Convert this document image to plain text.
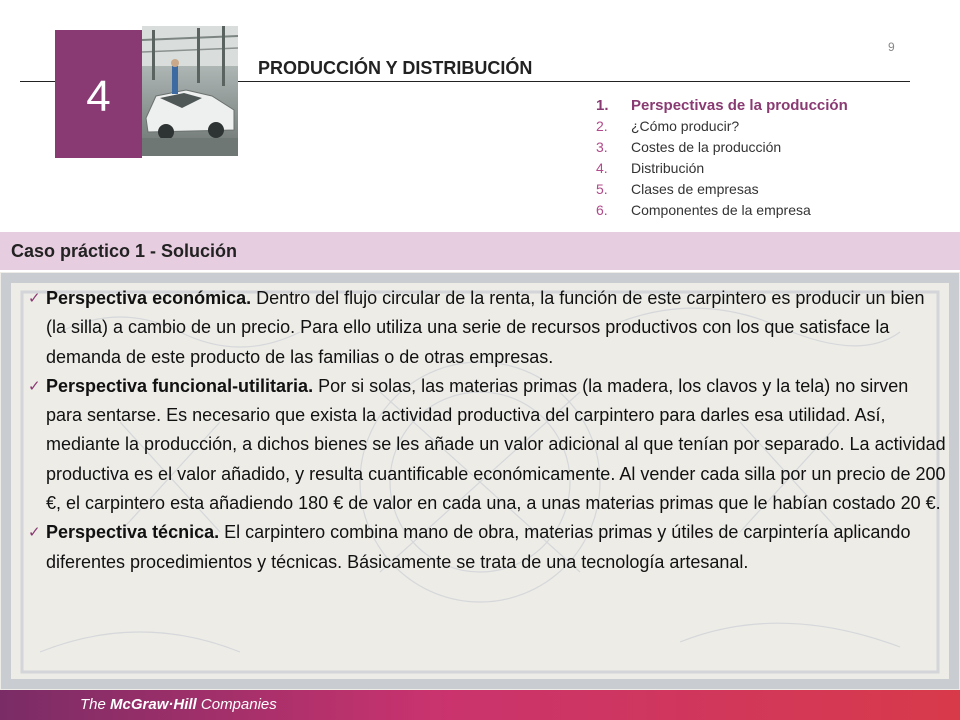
9
4
PRODUCCIÓN Y DISTRIBUCIÓN
1.	Perspectivas de la producción
2.	¿Cómo producir?
3.	Costes de la producción
4.	Distribución
5.	Clases de empresas
6.	Componentes de la empresa
Caso práctico 1 - Solución
✓ Perspectiva económica. Dentro del flujo circular de la renta, la función de este carpintero es producir un bien (la silla) a cambio de un precio. Para ello utiliza una serie de recursos productivos con los que satisface la demanda de este producto de las familias o de otras empresas.
✓ Perspectiva funcional-utilitaria. Por si solas, las materias primas (la madera, los clavos y la tela) no sirven para sentarse. Es necesario que exista la actividad productiva del carpintero para darles esa utilidad. Así, mediante la producción, a dichos bienes se les añade un valor adicional al que tenían por separado. La actividad productiva es el valor añadido, y resulta cuantificable económicamente. Al vender cada silla por un precio de 200 €, el carpintero esta añadiendo 180 € de valor en cada una, a unas materias primas que le habían costado 20 €.
✓ Perspectiva técnica. El carpintero combina mano de obra, materias primas y útiles de carpintería aplicando diferentes procedimientos y técnicas. Básicamente se trata de una tecnología artesanal.
The McGraw·Hill Companies
